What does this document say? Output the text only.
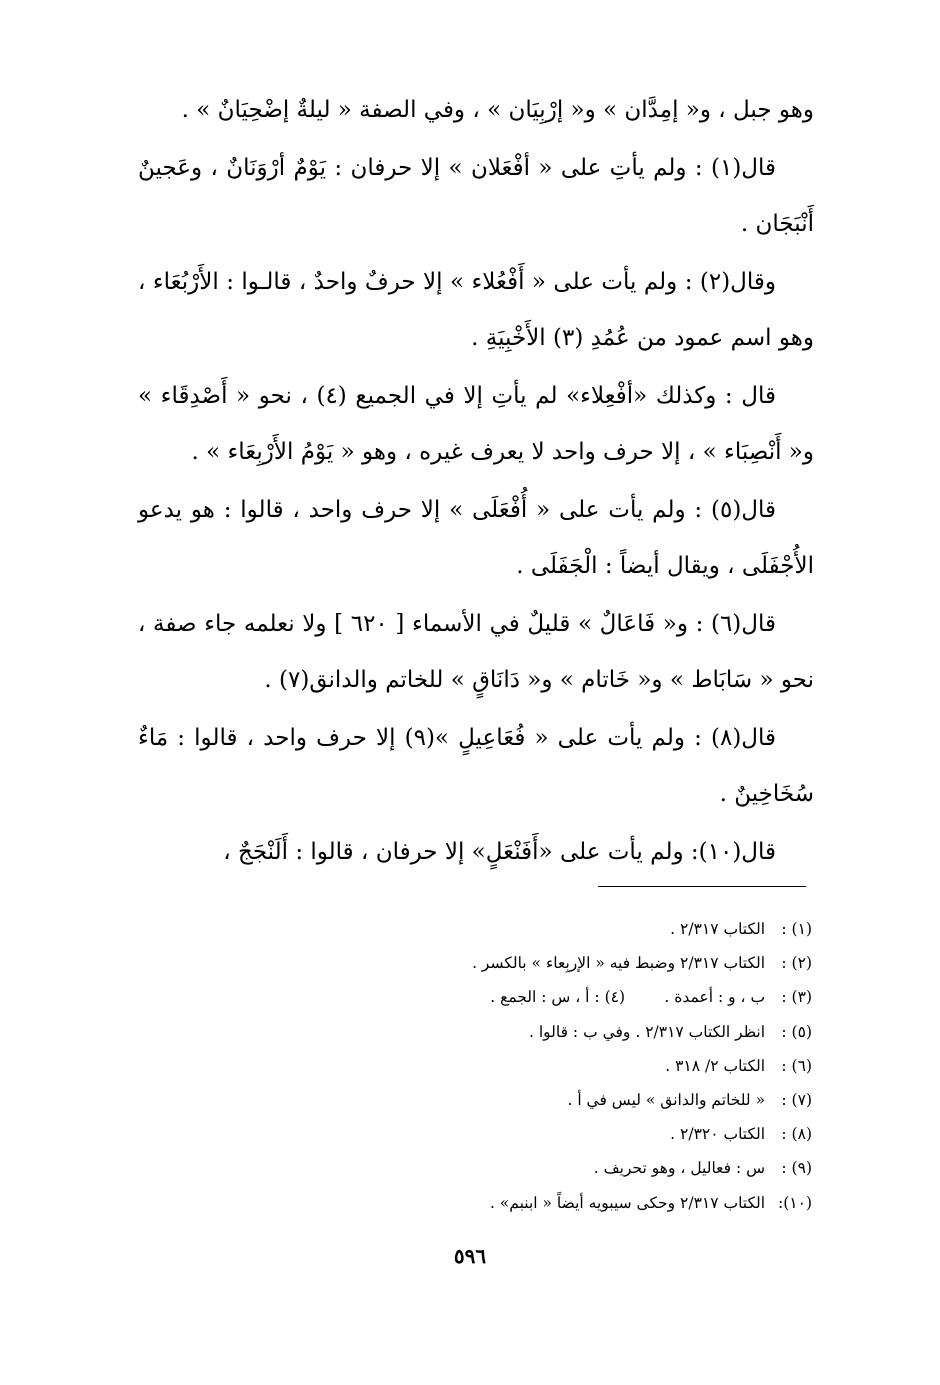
وهو جبل ، و« إمِدَّان » و« إرْبِيَان » ، وفي الصفة « ليلةٌ إضْحِيَانٌ » .

قال(١) : ولم يأتِ على « أفْعَلان » إلا حرفان : يَوْمٌ أرْوَنَانٌ ، وعَجينٌ أَنْبَجَان .

وقال(٢) : ولم يأت على « أَفْعُلاء » إلا حرفٌ واحدٌ ، قالـوا : الأَرْبُعَاء ، وهو اسم عمود من عُمُدِ (٣) الأَخْبِيَةِ .

قال : وكذلك «أفْعِلاء» لم يأتِ إلا في الجميع (٤) ، نحو « أَصْدِقَاء » و« أَنْصِبَاء » ، إلا حرف واحد لا يعرف غيره ، وهو « يَوْمُ الأَرْبِعَاء » .

قال(٥) : ولم يأت على « أُفْعَلَى » إلا حرف واحد ، قالوا : هو يدعو الأُجْفَلَى ، ويقال أيضاً : الْجَفَلَى .

قال(٦) : و« فَاعَالٌ » قليلٌ في الأسماء [ ٦٢٠ ] ولا نعلمه جاء صفة ، نحو « سَابَاط » و« خَاتام » و« دَانَاقٍ » للخاتم والدانق(٧) .

قال(٨) : ولم يأت على « فُعَاعِيلٍ »(٩) إلا حرف واحد ، قالوا : مَاءٌ سُخَاخِينٌ .

قال(١٠): ولم يأت على «أَفَنْعَلٍ» إلا حرفان ، قالوا : أَلَنْجَجٌ ،

(١) : الكتاب ٢/٣١٧ .
(٢) : الكتاب ٢/٣١٧ وضبط فيه « الإربِعاء » بالكسر .
(٣) : ب ، و : أعمدة .        (٤) : أ ، س : الجمع .
(٥) : انظر الكتاب ٢/٣١٧ . وفي ب : قالوا .
(٦) : الكتاب ٢/ ٣١٨ .
(٧) : « للخاتم والدانق » ليس في أ .
(٨) : الكتاب ٢/٣٢٠ .
(٩) : س : فعاليل ، وهو تحريف .
(١٠): الكتاب ٢/٣١٧ وحكى سيبويه أيضاً « ابنبم» .
٥٩٦
